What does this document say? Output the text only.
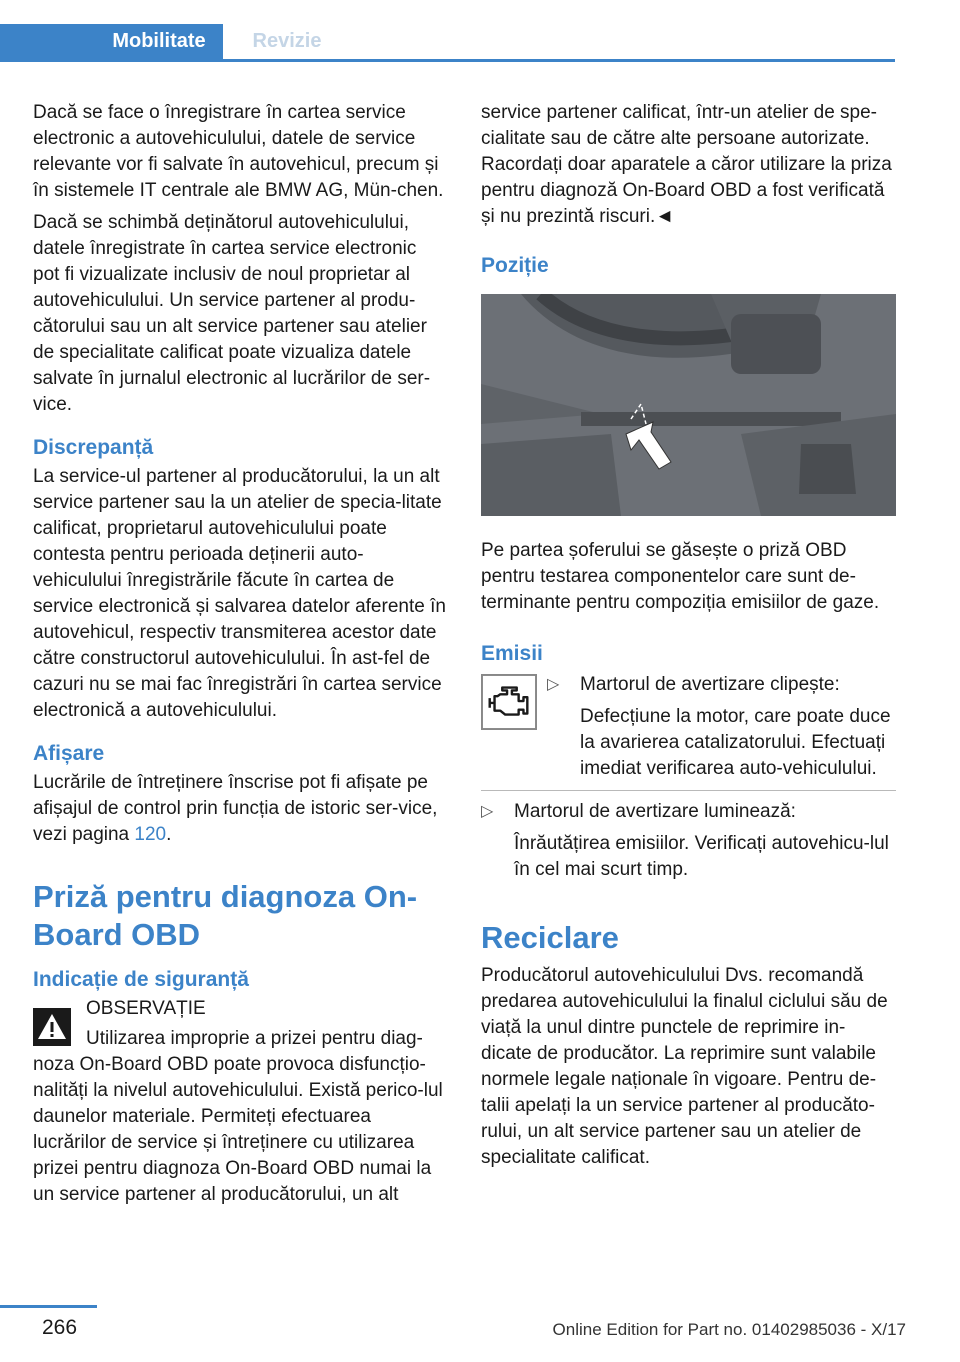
Mobilitate	Revizie

Dacă se face o înregistrare în cartea service electronic a autovehiculului, datele de service relevante vor fi salvate în autovehicul, precum și în sistemele IT centrale ale BMW AG, Mün‐chen.

Dacă se schimbă deținătorul autovehiculului, datele înregistrate în cartea service electronic pot fi vizualizate inclusiv de noul proprietar al autovehiculului. Un service partener al produ‐cătorului sau un alt service partener sau atelier de specialitate calificat poate vizualiza datele salvate în jurnalul electronic al lucrărilor de ser‐vice.

Discrepanță

La service-ul partener al producătorului, la un alt service partener sau la un atelier de specia‐litate calificat, proprietarul autovehiculului poate contesta pentru perioada deținerii auto‐vehiculului înregistrările făcute în cartea de service electronică și salvarea datelor aferente în autovehicul, respectiv transmiterea acestor date către constructorul autovehiculului. În ast‐fel de cazuri nu se mai fac înregistrări în cartea service electronică a autovehiculului.

Afișare

Lucrările de întreținere înscrise pot fi afișate pe afișajul de control prin funcția de istoric ser‐vice, vezi pagina 120.

Priză pentru diagnoza On-Board OBD
Indicație de siguranță

OBSERVAȚIE

Utilizarea improprie a prizei pentru diag‐

noza On-Board OBD poate provoca disfuncțio‐nalități la nivelul autovehiculului. Există perico‐lul daunelor materiale. Permiteți efectuarea lucrărilor de service și întreținere cu utilizarea prizei pentru diagnoza On-Board OBD numai la un service partener al producătorului, un alt

service partener calificat, într-un atelier de spe‐cialitate sau de către alte persoane autorizate. Racordați doar aparatele a căror utilizare la priza pentru diagnoză On-Board OBD a fost verificată și nu prezintă riscuri.◄

Poziție

Pe partea șoferului se găsește o priză OBD pentru testarea componentelor care sunt de‐terminante pentru compoziția emisiilor de gaze.

Emisii
▷ Martorul de avertizare clipește:

Defecțiune la motor, care poate duce la avarierea catalizatorului. Efectuați imediat verificarea auto‐vehiculului.

▷ Martorul de avertizare luminează:

Înrăutățirea emisiilor. Verificați autovehicu‐lul în cel mai scurt timp.

Reciclare

Producătorul autovehiculului Dvs. recomandă predarea autovehiculului la finalul ciclului său de viață la unul dintre punctele de reprimire in‐dicate de producător. La reprimire sunt valabile normele legale naționale în vigoare. Pentru de‐talii apelați la un service partener al producăto‐rului, un alt service partener sau un atelier de specialitate calificat.

266	Online Edition for Part no. 01402985036 - X/17
